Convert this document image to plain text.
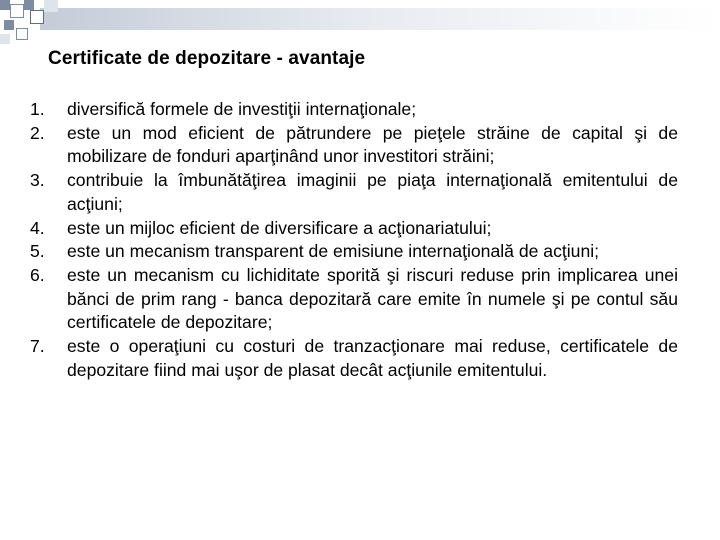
Certificate de depozitare - avantaje
1. diversifică formele de investiţii internaţionale;
2. este un mod eficient de pătrundere pe pieţele străine de capital şi de mobilizare de fonduri aparţinând unor investitori străini;
3. contribuie la îmbunătăţirea imaginii pe piaţa internaţională emitentului de acţiuni;
4. este un mijloc eficient de diversificare a acţionariatului;
5. este un mecanism transparent de emisiune internaţională de acţiuni;
6. este un mecanism cu lichiditate sporită şi riscuri reduse prin implicarea unei bănci de prim rang - banca depozitară care emite în numele şi pe contul său certificatele de depozitare;
7. este o operaţiuni cu costuri de tranzacţionare mai reduse, certificatele de depozitare fiind mai uşor de plasat decât acţiunile emitentului.
